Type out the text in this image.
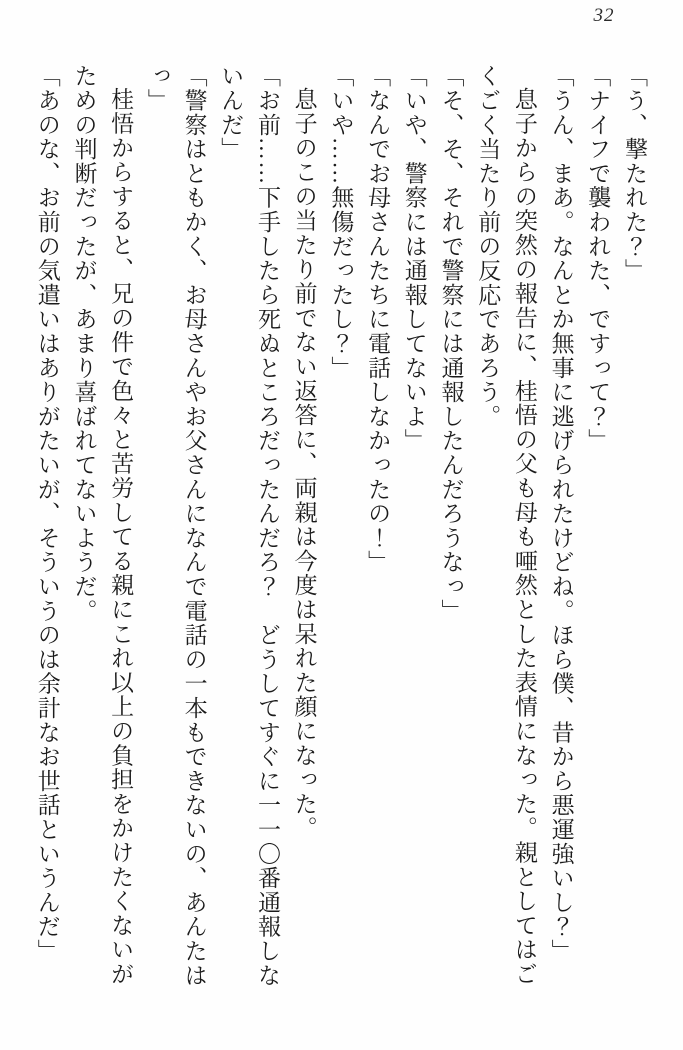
32

「う、撃たれた？」

「ナイフで襲われた、ですって？」

「うん、まあ。なんとか無事に逃げられたけどね。ほら僕、昔から悪運強いし？」

息子からの突然の報告に、桂悟の父も母も唖然とした表情になった。親としてはごくごく当たり前の反応であろう。

「そ、そ、それで警察には通報したんだろうなっ」

「いや、警察には通報してないよ」

「なんでお母さんたちに電話しなかったの！」

「いや……無傷だったし？」

息子のこの当たり前でない返答に、両親は今度は呆れた顔になった。

「お前……下手したら死ぬところだったんだろ？　どうしてすぐに一一〇番通報しないんだ」

「警察はともかく、お母さんやお父さんになんで電話の一本もできないの、あんたはっ」

桂悟からすると、兄の件で色々と苦労してる親にこれ以上の負担をかけたくないがための判断だったが、あまり喜ばれてないようだ。

「あのな、お前の気遣いはありがたいが、そういうのは余計なお世話というんだ」
